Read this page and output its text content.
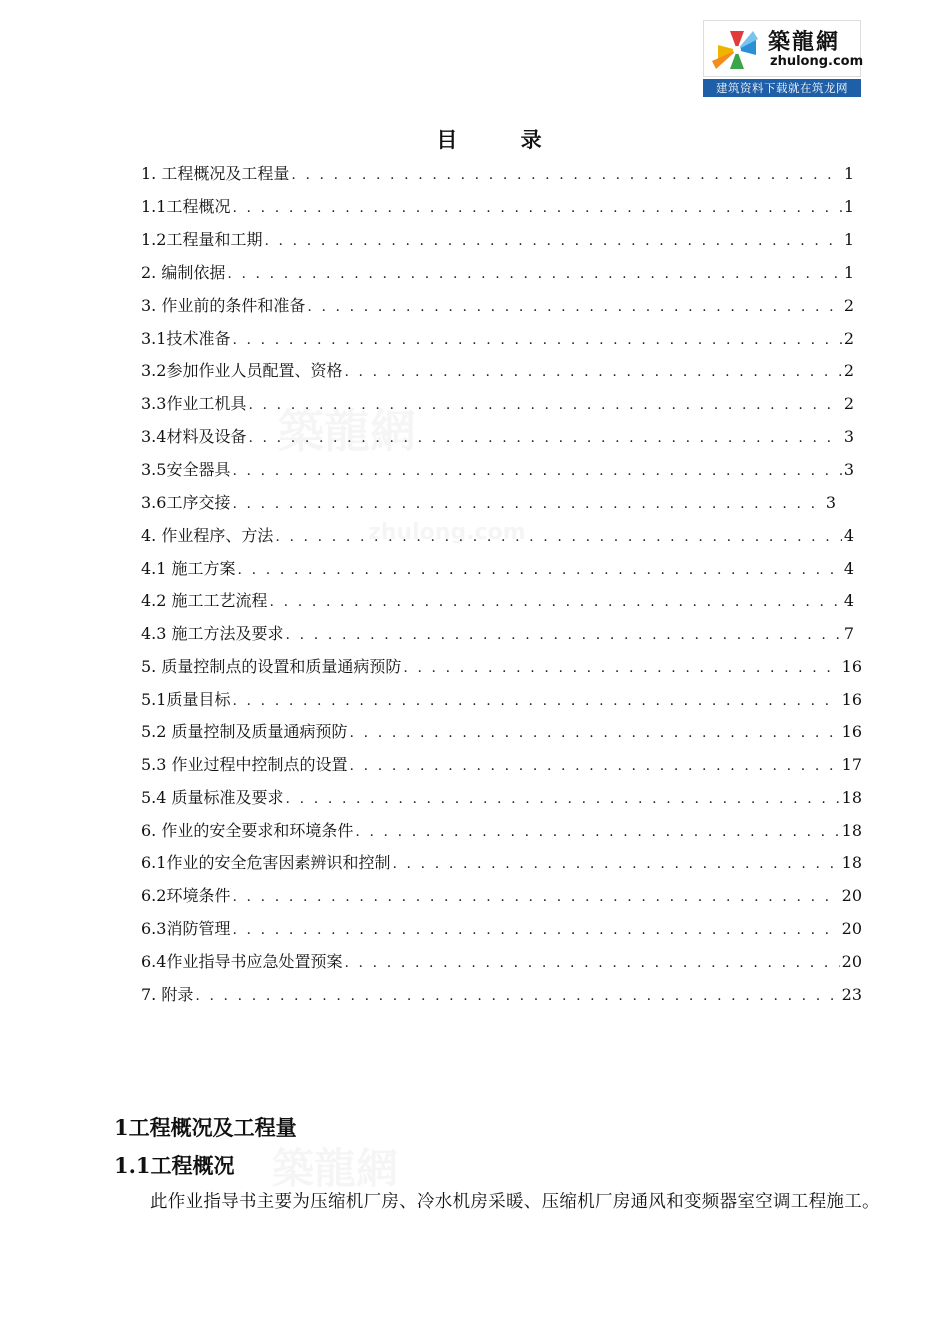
築龍網
zhulong.com
建筑资料下载就在筑龙网
目 录
1. 工程概况及工程量 . . .	1
1.1工程概况 . . .	1
1.2工程量和工期 . . .	1
2. 编制依据 . . .	1
3. 作业前的条件和准备 . . .	2
3.1技术准备 . . .	2
3.2参加作业人员配置、资格 . . .	2
3.3作业工机具 . . .	2
3.4材料及设备 . . .	3
3.5安全器具 . . .	3
3.6工序交接 . . .	3
4. 作业程序、方法 . . .	4
4.1 施工方案 . . .	4
4.2 施工工艺流程 . . .	4
4.3 施工方法及要求 . . .	7
5. 质量控制点的设置和质量通病预防 . . .	16
5.1质量目标 . . .	16
5.2 质量控制及质量通病预防 . . .	16
5.3 作业过程中控制点的设置 . . .	17
5.4 质量标准及要求 . . .	18
6. 作业的安全要求和环境条件 . . .	18
6.1作业的安全危害因素辨识和控制 . . .	18
6.2环境条件 . . .	20
6.3消防管理 . . .	20
6.4作业指导书应急处置预案 . . .	20
7. 附录 . . .	23
1工程概况及工程量
1.1工程概况
此作业指导书主要为压缩机厂房、冷水机房采暖、压缩机厂房通风和变频器室空调工程施工。
